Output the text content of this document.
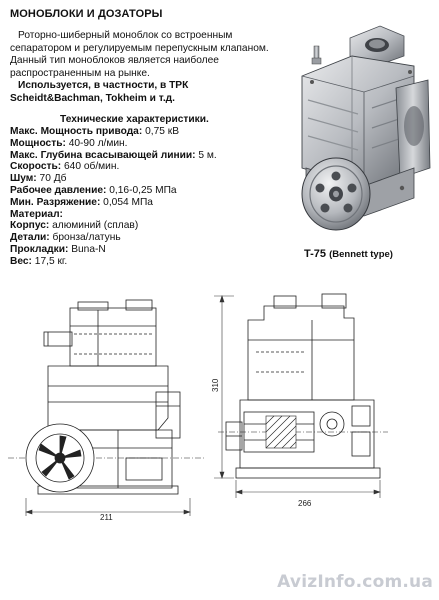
МОНОБЛОКИ И ДОЗАТОРЫ

Роторно-шиберный моноблок со встроенным

сепаратором и регулируемым перепускным клапаном.

Данный тип моноблоков является наиболее

распространенным на рынке.

Используется, в частности, в ТРК

Scheidt&Bachman, Tokheim и т.д.

Технические характеристики.
Макс. Мощность привода: 0,75 кВ
Мощность: 40-90 л/мин.
Макс. Глубина всасывающей линии: 5 м.
Скорость: 640 об/мин.
Шум: 70 Дб
Рабочее давление: 0,16-0,25 МПа
Мин. Разряжение: 0,054 МПа
Материал:
Корпус: алюминий (сплав)
Детали: бронза/латунь
Прокладки: Buna-N
Вес: 17,5 кг.
T-75 (Bennett type)
211
310
266
AvizInfo.com.ua
